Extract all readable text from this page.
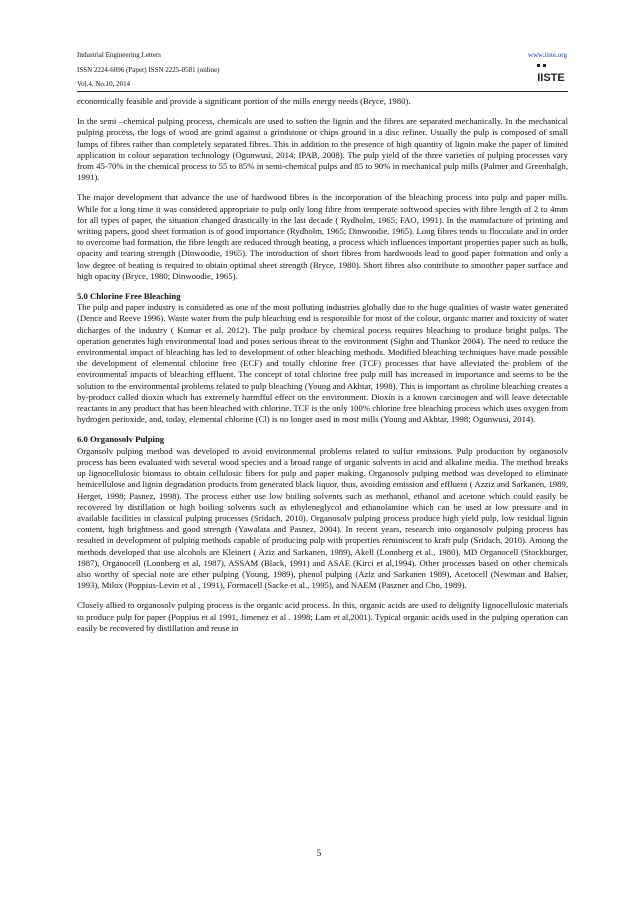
Industrial Engineering Letters	www.iiste.org
ISSN 2224-6096 (Paper) ISSN 2225-0581 (online)
Vol.4, No.10, 2014	IISTE

economically feasible and provide a significant portion of the mills energy needs (Bryce, 1980).

In the semi –chemical pulping process, chemicals are used to soften the lignin and the fibres are separated mechanically. In the mechanical pulping process, the logs of wood are grind against a grindstone or chips ground in a disc refiner. Usually the pulp is composed of small lumps of fibres rather than completely separated fibres. This in addition to the presence of high quantity of lignin make the paper of limited application in colour separation technology (Ogunwusi, 2014; IPAB, 2008). The pulp yield of the three varieties of pulping processes vary from 45-70% in the chemical process to 55 to 85% in semi-chemical pulps and 85 to 90% in mechanical pulp mills (Palmer and Greenhalgh, 1991).

The major development that advance the use of hardwood fibres is the incorporation of the bleaching process into pulp and paper mills. While for a long time it was considered appropriate to pulp only long fibre from temperate softwood species with fibre length of 2 to 4mm for all types of paper, the situation changed drastically in the last decade ( Rydholm, 1965; FAO, 1991). In the manufacture of printing and writing papers, good sheet formation is of good importance (Rydholm, 1965; Dinwoodie, 1965). Long fibres tends to flocculate and in order to overcome bad formation, the fibre length are reduced through beating, a process which influences important properties paper such as bulk, opacity and tearing strength (Dinwoodie, 1965). The introduction of short fibres from hardwoods lead to good paper formation and only a low degree of beating is required to obtain optimal sheet strength (Bryce, 1980). Short fibres also contribute to smoother paper surface and high opacity (Bryce, 1980; Dinwoodie, 1965).

5.0 Chlorine Free Bleaching

The pulp and paper industry is considered as one of the most polluting industries globally due to the huge qualities of waste water generated (Dence and Reeve 1996). Waste water from the pulp bleaching end is responsible for most of the colour, organic matter and toxicity of water dicharges of the industry ( Kumar et al. 2012). The pulp produce by chemical pocess requires bleaching to produce bright pulps. The operation generates high environmental load and poses serious threat to the environment (Sighn and Thankor 2004). The need to reduce the environmental impact of bleaching has led to development of other bleaching methods. Modified bleaching techniques have made possible the development of elemental chlorine free (ECF) and totally chlorine free (TCF) processes that have alleviated the problem of the environmental impacts of bleaching effluent. The concept of total chlorine free pulp mill has increased in importance and seems to be the solution to the environmental problems related to pulp bleaching (Young and Akhtar, 1998). This is important as chroline bleaching creates a by-product called dioxin which has extremely harmfful effect on the environment. Dioxin is a known carcinogen and will leave detectable reactants in any product that has been bleached with chlorine. TCF is the only 100% chlorine free bleaching process which uses oxygen from hydrogen perioxide, and, today, elemental chlorine (Cl) is no longer used in most mills (Young and Akhtar, 1998; Ogunwusi, 2014).

6.0 Organosolv Pulping

Organsolv pulping method was developed to avoid environmental problems related to sulfur emissions. Pulp production by organosolv process has been evaluated with several wood species and a broad range of organic solvents in acid and alkaline media. The method breaks up lignocellulosic biomass to obtain cellulosic fibers for pulp and paper making. Organosolv pulping method was developed to eliminate hemicellulose and lignin degradation products from generated black liquor, thus, avoiding emission and effluent ( Azziz and Sarkanen, 1989, Herget, 1998; Pasnez, 1998). The process either use low boiling solvents such as methanol, ethanol and acetone which could easily be recovered by distillation or high boiling solvents such as ethyleneglycol and ethanolamine which can be used at low pressure and in available facilities in classical pulping processes (Sridach, 2010). Organosolv pulping process produce high yield pulp, low residual lignin content, high brightness and good strength (Yawalata and Pasnez, 2004). In recent years, research into organosolv pulping process has resulted in development of pulping methods capable of producing pulp with properties reminiscent to kraft pulp (Sridach, 2010). Among the methods developed that use alcohols are Kleinert ( Aziz and Sarkanen, 1989), Akell (Lonnberg et al., 1980), MD Organocell (Stockburger, 1987), Organocell (Lonnberg et al, 1987), ASSAM (Black, 1991) and ASAE (Kirci et al,1994). Other processes based on other chemicals also worthy of special note are ether pulping (Young, 1989), phenol pulping (Aziz and Sarkanen 1989), Acetocell (Newman and Balser, 1993), Milox (Poppius-Levin et al , 1991), Formacell (Sacke et al., 1995), and NAEM (Paszner and Cho, 1989).

Closely allied to organosolv pulping process is the organic acid process. In this, organic acids are used to delignify lignocellulosic materials to produce pulp for paper (Poppius et al 1991, Jimenez et al . 1998; Lam et al,2001). Typical organic acids used in the pulping operation can easily be recovered by distillation and reuse in

5
